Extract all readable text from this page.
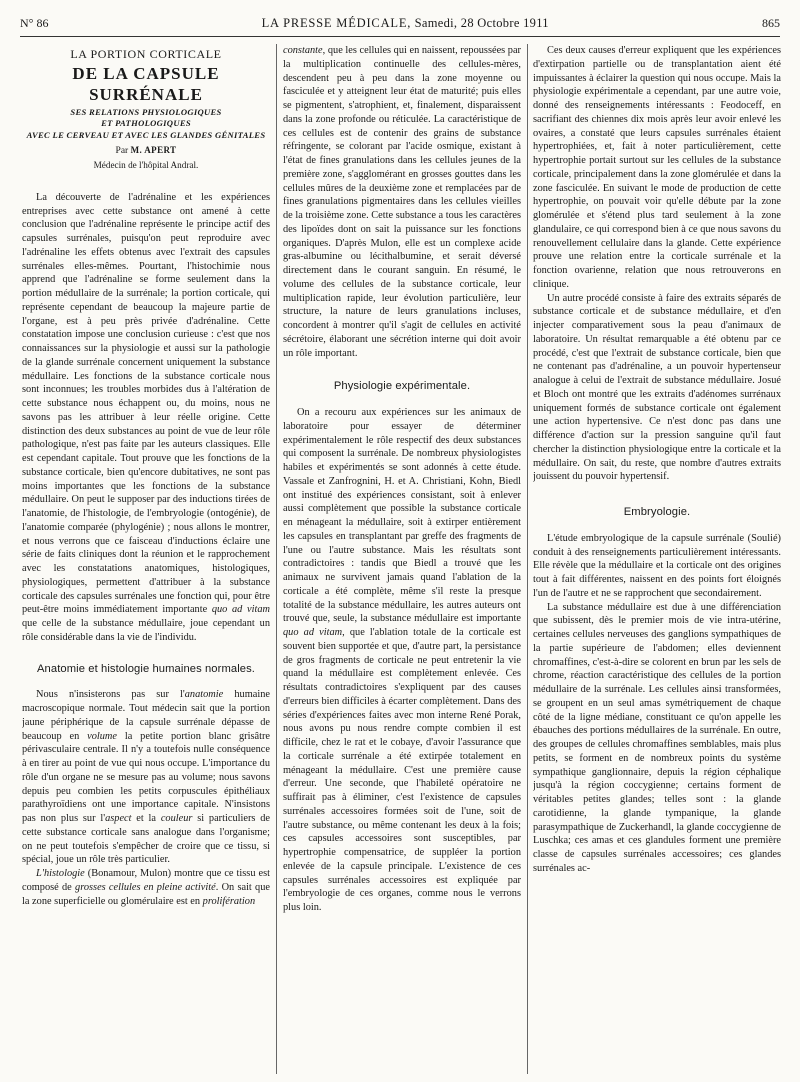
N° 86	LA PRESSE MÉDICALE, Samedi, 28 Octobre 1911	865
LA PORTION CORTICALE
DE LA CAPSULE SURRÉNALE
SES RELATIONS PHYSIOLOGIQUES
ET PATHOLOGIQUES
AVEC LE CERVEAU ET AVEC LES GLANDES GÉNITALES
Par M. APERT
Médecin de l'hôpital Andral.

La découverte de l'adrénaline et les expériences entreprises avec cette substance ont amené à cette conclusion que l'adrénaline représente le principe actif des capsules surrénales, puisqu'on peut reproduire avec l'adrénaline les effets obtenus avec l'extrait des capsules surrénales elles-mêmes. Pourtant, l'histochimie nous apprend que l'adrénaline se forme seulement dans la portion médullaire de la surrénale; la portion corticale, qui représente cependant de beaucoup la majeure partie de l'organe, est à peu près privée d'adrénaline. Cette constatation impose une conclusion curieuse : c'est que nos connaissances sur la physiologie et aussi sur la pathologie de la glande surrénale concernent uniquement la substance médullaire. Les fonctions de la substance corticale nous sont inconnues; les troubles morbides dus à l'altération de cette substance nous échappent ou, du moins, nous ne savons pas les attribuer à leur réelle origine. Cette distinction des deux substances au point de vue de leur rôle pathologique, n'est pas faite par les auteurs classiques. Elle est cependant capitale. Tout prouve que les fonctions de la substance corticale, bien qu'encore dubitatives, ne sont pas moins importantes que les fonctions de la substance médullaire. On peut le supposer par des inductions tirées de l'anatomie, de l'histologie, de l'embryologie (ontogénie), de l'anatomie comparée (phylogénie) ; nous allons le montrer, et nous verrons que ce faisceau d'inductions éclaire une série de faits cliniques dont la réunion et le rapprochement avec les constatations anatomiques, histologiques, physiologiques, permettent d'attribuer à la substance corticale des capsules surrénales une fonction qui, pour être peut-être moins immédiatement importante quo ad vitam que celle de la substance médullaire, joue cependant un rôle considérable dans la vie de l'individu.

Anatomie et histologie humaines normales.

Nous n'insisterons pas sur l'anatomie humaine macroscopique normale. Tout médecin sait que la portion jaune périphérique de la capsule surrénale dépasse de beaucoup en volume la petite portion blanc grisâtre périvasculaire centrale. Il n'y a toutefois nulle conséquence à en tirer au point de vue qui nous occupe. L'importance du rôle d'un organe ne se mesure pas au volume; nous savons depuis peu combien les petits corpuscules épithéliaux parathyroïdiens ont une importance capitale. N'insistons pas non plus sur l'aspect et la couleur si particuliers de cette substance corticale sans analogue dans l'organisme; on ne peut toutefois s'empêcher de croire que ce tissu, si spécial, joue un rôle très particulier.

L'histologie (Bonamour, Mulon) montre que ce tissu est composé de grosses cellules en pleine activité. On sait que la zone superficielle ou glomérulaire est en prolifération

constante, que les cellules qui en naissent, repoussées par la multiplication continuelle des cellules-mères, descendent peu à peu dans la zone moyenne ou fasciculée et y atteignent leur état de maturité; puis elles se pigmentent, s'atrophient, et, finalement, disparaissent dans la zone profonde ou réticulée. La caractéristique de ces cellules est de contenir des grains de substance réfringente, se colorant par l'acide osmique, existant à l'état de fines granulations dans les cellules jeunes de la première zone, s'agglomérant en grosses gouttes dans les cellules mûres de la deuxième zone et remplacées par de fines granulations pigmentaires dans les cellules vieilles de la troisième zone. Cette substance a tous les caractères des lipoïdes dont on sait la puissance sur les fonctions organiques. D'après Mulon, elle est un complexe acide gras-albumine ou lécithalbumine, et serait déversé directement dans le courant sanguin. En résumé, le volume des cellules de la substance corticale, leur multiplication rapide, leur évolution particulière, leur structure, la nature de leurs granulations incluses, concordent à montrer qu'il s'agit de cellules en activité sécrétoire, élaborant une sécrétion interne qui doit avoir un rôle important.

Physiologie expérimentale.

On a recouru aux expériences sur les animaux de laboratoire pour essayer de déterminer expérimentalement le rôle respectif des deux substances qui composent la surrénale. De nombreux physiologistes habiles et expérimentés se sont adonnés à cette étude. Vassale et Zanfrognini, H. et A. Christiani, Kohn, Biedl ont institué des expériences consistant, soit à enlever aussi complètement que possible la substance corticale en ménageant la médullaire, soit à extirper entièrement les capsules en transplantant par greffe des fragments de l'une ou l'autre substance. Mais les résultats sont contradictoires : tandis que Biedl a trouvé que les animaux ne survivent jamais quand l'ablation de la corticale a été complète, même s'il reste la presque totalité de la substance médullaire, les autres auteurs ont trouvé que, seule, la substance médullaire est importante quo ad vitam, que l'ablation totale de la corticale est souvent bien supportée et que, d'autre part, la persistance de gros fragments de corticale ne peut entretenir la vie quand la médullaire est complètement enlevée. Ces résultats contradictoires s'expliquent par des causes d'erreurs bien difficiles à écarter complètement. Dans des séries d'expériences faites avec mon interne René Porak, nous avons pu nous rendre compte combien il est difficile, chez le rat et le cobaye, d'avoir l'assurance que la corticale surrénale a été extirpée totalement en ménageant la médullaire. C'est une première cause d'erreur. Une seconde, que l'habileté opératoire ne suffirait pas à éliminer, c'est l'existence de capsules surrénales accessoires formées soit de l'une, soit de l'autre substance, ou même contenant les deux à la fois; ces capsules accessoires sont susceptibles, par hypertrophie compensatrice, de suppléer la portion enlevée de la capsule principale. L'existence de ces capsules surrénales accessoires est expliquée par l'embryologie de ces organes, comme nous le verrons plus loin.

Ces deux causes d'erreur expliquent que les expériences d'extirpation partielle ou de transplantation aient été impuissantes à éclairer la question qui nous occupe. Mais la physiologie expérimentale a cependant, par une autre voie, donné des renseignements intéressants : Feodoceff, en sacrifiant des chiennes dix mois après leur avoir enlevé les ovaires, a constaté que leurs capsules surrénales étaient hypertrophiées, et, fait à noter particulièrement, cette hypertrophie portait surtout sur les cellules de la substance corticale, principalement dans la zone glomérulée et dans la zone fasciculée. En suivant le mode de production de cette hypertrophie, on pouvait voir qu'elle débute par la zone glomérulée et s'étend plus tard seulement à la zone glandulaire, ce qui correspond bien à ce que nous savons du renouvellement cellulaire dans la glande. Cette expérience prouve une relation entre la corticale surrénale et la fonction ovarienne, relation que nous retrouverons en clinique.

Un autre procédé consiste à faire des extraits séparés de substance corticale et de substance médullaire, et d'en injecter comparativement sous la peau d'animaux de laboratoire. Un résultat remarquable a été obtenu par ce procédé, c'est que l'extrait de substance corticale, bien que ne contenant pas d'adrénaline, a un pouvoir hypertenseur analogue à celui de l'extrait de substance médullaire. Josué et Bloch ont montré que les extraits d'adénomes surrénaux uniquement formés de substance corticale ont également une action hypertensive. Ce n'est donc pas dans une différence d'action sur la pression sanguine qu'il faut chercher la distinction physiologique entre la corticale et la médullaire. On sait, du reste, que nombre d'autres extraits jouissent du pouvoir hypertensif.

Embryologie.

L'étude embryologique de la capsule surrénale (Soulié) conduit à des renseignements particulièrement intéressants. Elle révèle que la médullaire et la corticale ont des origines tout à fait différentes, naissent en des points fort éloignés l'un de l'autre et ne se rapprochent que secondairement.

La substance médullaire est due à une différenciation que subissent, dès le premier mois de vie intra-utérine, certaines cellules nerveuses des ganglions sympathiques de la partie supérieure de l'abdomen; elles deviennent chromaffines, c'est-à-dire se colorent en brun par les sels de chrome, réaction caractéristique des cellules de la portion médullaire de la surrénale. Les cellules ainsi transformées, se groupent en un seul amas symétriquement de chaque côté de la ligne médiane, constituant ce qu'on appelle les ébauches des portions médullaires de la surrénale. En outre, des groupes de cellules chromaffines semblables, mais plus petits, se forment en de nombreux points du système sympathique ganglionnaire, depuis la région céphalique jusqu'à la région coccygienne; certains forment de véritables petites glandes; telles sont : la glande carotidienne, la glande tympanique, la glande parasympathique de Zuckerhandl, la glande coccygienne de Luschka; ces amas et ces glandules forment une première classe de capsules surrénales accessoires; ces glandes surrénales ac-
